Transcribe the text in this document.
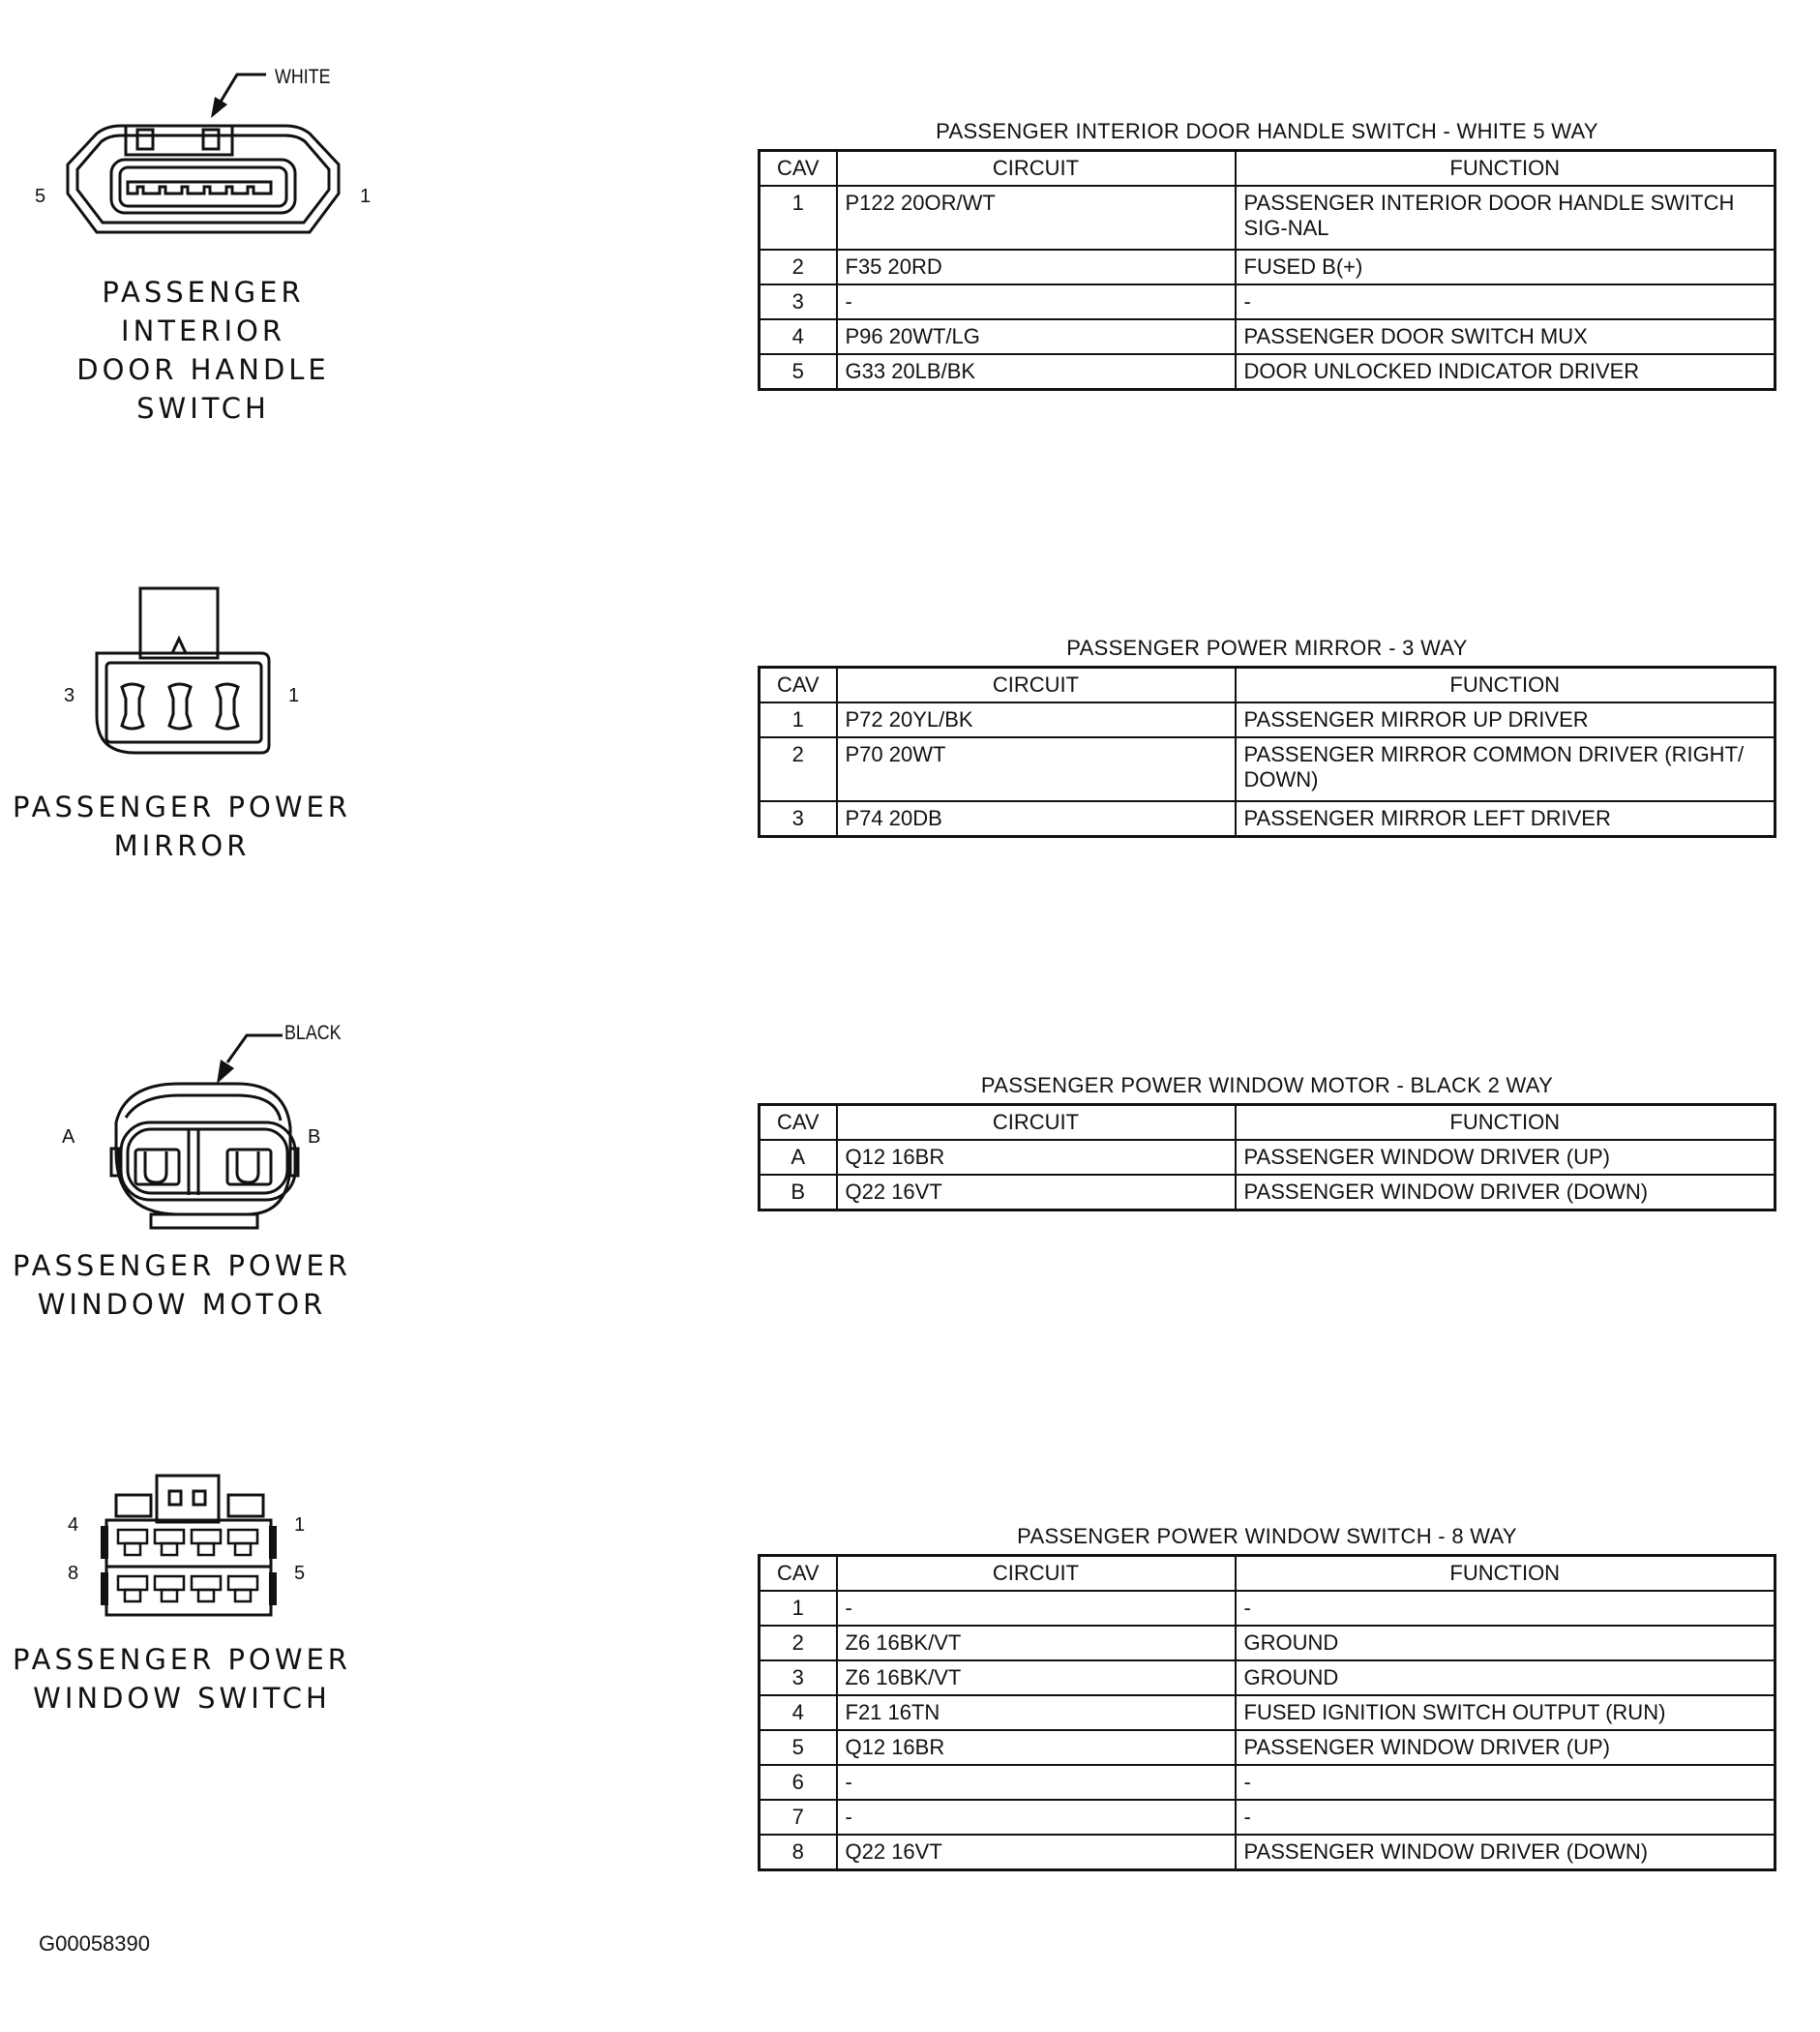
WHITE
5	1
PASSENGER INTERIOR
DOOR HANDLE
SWITCH
PASSENGER INTERIOR DOOR HANDLE SWITCH - WHITE 5 WAY
CAV	CIRCUIT	FUNCTION
1	P122 20OR/WT	PASSENGER INTERIOR DOOR HANDLE SWITCH SIG-NAL
2	F35 20RD	FUSED B(+)
3	-	-
4	P96 20WT/LG	PASSENGER DOOR SWITCH MUX
5	G33 20LB/BK	DOOR UNLOCKED INDICATOR DRIVER
3	1
PASSENGER POWER
MIRROR
PASSENGER POWER MIRROR - 3 WAY
CAV	CIRCUIT	FUNCTION
1	P72 20YL/BK	PASSENGER MIRROR UP DRIVER
2	P70 20WT	PASSENGER MIRROR COMMON DRIVER (RIGHT/ DOWN)
3	P74 20DB	PASSENGER MIRROR LEFT DRIVER
BLACK
A	B
PASSENGER POWER
WINDOW MOTOR
PASSENGER POWER WINDOW MOTOR - BLACK 2 WAY
CAV	CIRCUIT	FUNCTION
A	Q12 16BR	PASSENGER WINDOW DRIVER (UP)
B	Q22 16VT	PASSENGER WINDOW DRIVER (DOWN)
4	1
8	5
PASSENGER POWER
WINDOW SWITCH
PASSENGER POWER WINDOW SWITCH - 8 WAY
CAV	CIRCUIT	FUNCTION
1	-	-
2	Z6 16BK/VT	GROUND
3	Z6 16BK/VT	GROUND
4	F21 16TN	FUSED IGNITION SWITCH OUTPUT (RUN)
5	Q12 16BR	PASSENGER WINDOW DRIVER (UP)
6	-	-
7	-	-
8	Q22 16VT	PASSENGER WINDOW DRIVER (DOWN)
G00058390
